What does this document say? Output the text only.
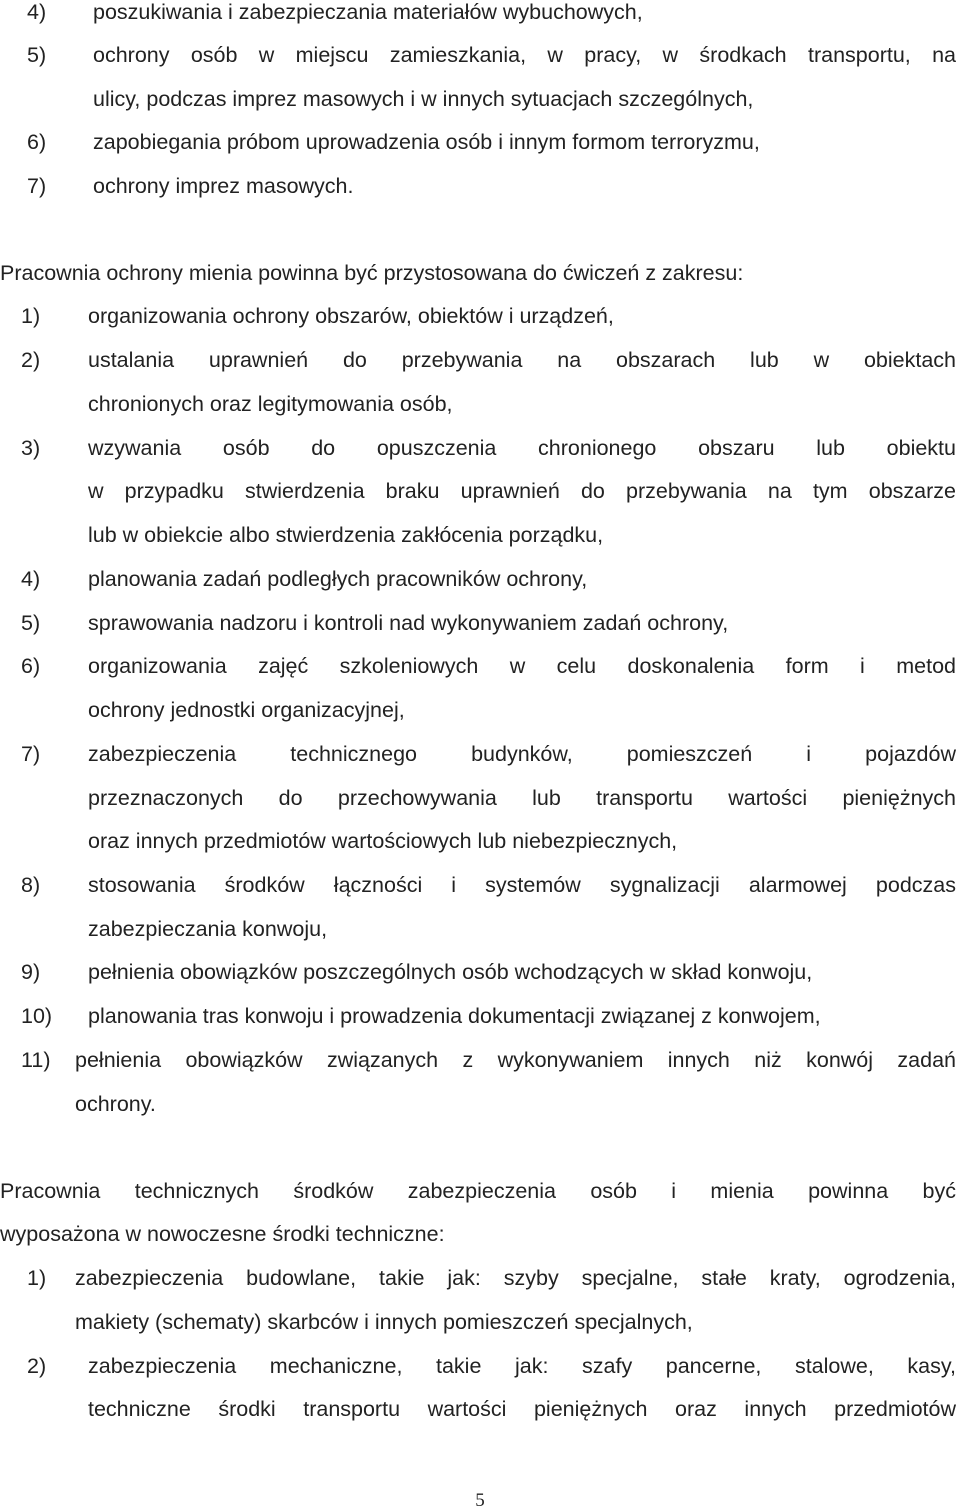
4) poszukiwania i zabezpieczania materiałów wybuchowych,
5) ochrony osób w miejscu zamieszkania, w pracy, w środkach transportu, na
ulicy, podczas imprez masowych i w innych sytuacjach szczególnych,
6) zapobiegania próbom uprowadzenia osób i innym formom terroryzmu,
7) ochrony imprez masowych.
Pracownia ochrony mienia powinna być przystosowana do ćwiczeń z zakresu:
1) organizowania ochrony obszarów, obiektów i urządzeń,
2) ustalania uprawnień do przebywania na obszarach lub w obiektach
chronionych oraz legitymowania osób,
3) wzywania osób do opuszczenia chronionego obszaru lub obiektu
w przypadku stwierdzenia braku uprawnień do przebywania na tym obszarze
lub w obiekcie albo stwierdzenia zakłócenia porządku,
4) planowania zadań podległych pracowników ochrony,
5) sprawowania nadzoru i kontroli nad wykonywaniem zadań ochrony,
6) organizowania zajęć szkoleniowych w celu doskonalenia form i metod
ochrony jednostki organizacyjnej,
7) zabezpieczenia technicznego budynków, pomieszczeń i pojazdów
przeznaczonych do przechowywania lub transportu wartości pieniężnych
oraz innych przedmiotów wartościowych lub niebezpiecznych,
8) stosowania środków łączności i systemów sygnalizacji alarmowej podczas
zabezpieczania konwoju,
9) pełnienia obowiązków poszczególnych osób wchodzących w skład konwoju,
10) planowania tras konwoju i prowadzenia dokumentacji związanej z konwojem,
11) pełnienia obowiązków związanych z wykonywaniem innych niż konwój zadań
ochrony.
Pracownia technicznych środków zabezpieczenia osób i mienia powinna być
wyposażona w nowoczesne środki techniczne:
1) zabezpieczenia budowlane, takie jak: szyby specjalne, stałe kraty, ogrodzenia,
makiety (schematy) skarbców i innych pomieszczeń specjalnych,
2) zabezpieczenia mechaniczne, takie jak: szafy pancerne, stalowe, kasy,
techniczne środki transportu wartości pieniężnych oraz innych przedmiotów
5
